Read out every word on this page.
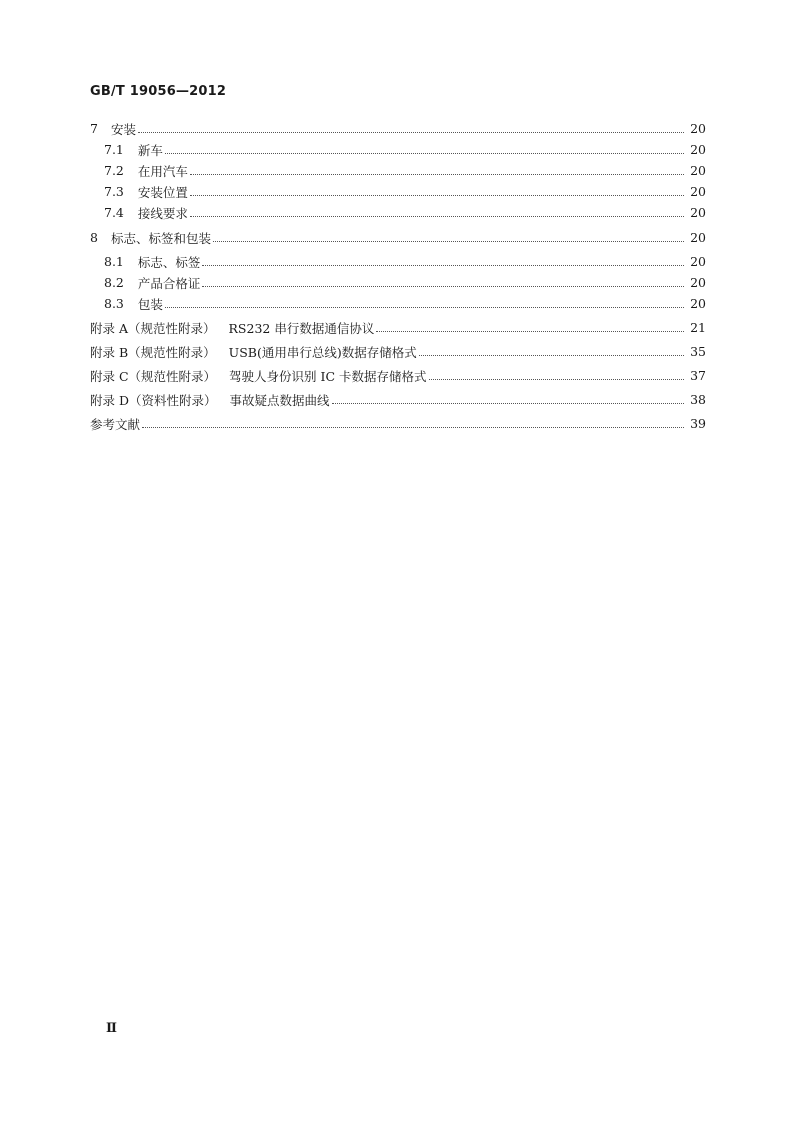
GB/T 19056—2012
7 安装	20
7.1 新车	20
7.2 在用汽车	20
7.3 安装位置	20
7.4 接线要求	20
8 标志、标签和包装	20
8.1 标志、标签	20
8.2 产品合格证	20
8.3 包装	20
附录 A（规范性附录） RS232 串行数据通信协议	21
附录 B（规范性附录） USB(通用串行总线)数据存储格式	35
附录 C（规范性附录） 驾驶人身份识别 IC 卡数据存储格式	37
附录 D（资料性附录） 事故疑点数据曲线	38
参考文献	39
Ⅱ
